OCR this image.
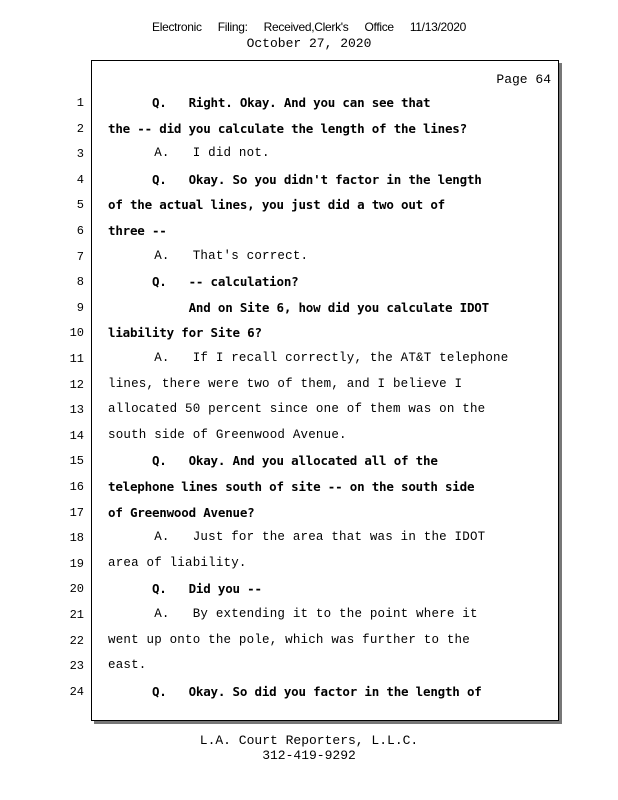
Electronic Filing: Received,Clerk's Office 11/13/2020
October 27, 2020
Page 64
1 Q.   Right. Okay. And you can see that
2 the -- did you calculate the length of the lines?
3 A.   I did not.
4 Q.   Okay. So you didn't factor in the length
5 of the actual lines, you just did a two out of
6 three --
7 A.   That's correct.
8 Q.   -- calculation?
9 And on Site 6, how did you calculate IDOT
10 liability for Site 6?
11 A.   If I recall correctly, the AT&T telephone
12 lines, there were two of them, and I believe I
13 allocated 50 percent since one of them was on the
14 south side of Greenwood Avenue.
15 Q.   Okay. And you allocated all of the
16 telephone lines south of site -- on the south side
17 of Greenwood Avenue?
18 A.   Just for the area that was in the IDOT
19 area of liability.
20 Q.   Did you --
21 A.   By extending it to the point where it
22 went up onto the pole, which was further to the
23 east.
24 Q.   Okay. So did you factor in the length of
L.A. Court Reporters, L.L.C.
312-419-9292
